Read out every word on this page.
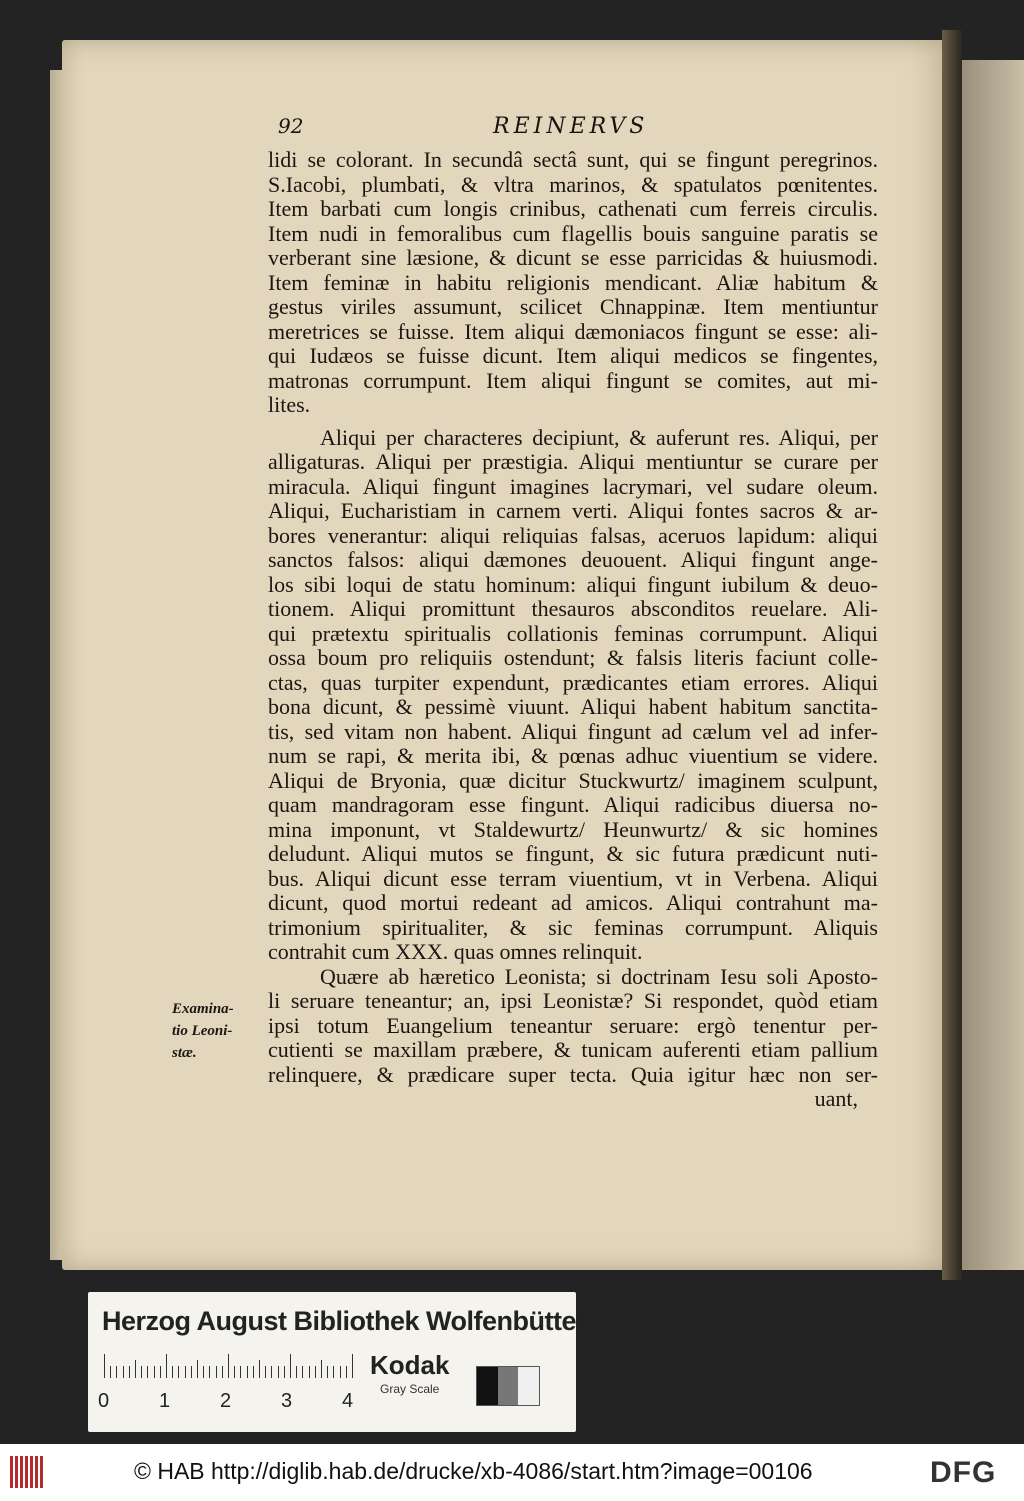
92	REINERVS
lidi se colorant. In secundâ sectâ sunt, qui se fingunt peregrinos.
S.Iacobi, plumbati, & vltra marinos, & spatulatos pœnitentes.
Item barbati cum longis crinibus, cathenati cum ferreis circulis.
Item nudi in femoralibus cum flagellis bouis sanguine paratis se
verberant sine læsione, & dicunt se esse parricidas & huiusmodi.
Item feminæ in habitu religionis mendicant. Aliæ habitum &
gestus viriles assumunt, scilicet Chnappinæ. Item mentiuntur
meretrices se fuisse. Item aliqui dæmoniacos fingunt se esse: ali-
qui Iudæos se fuisse dicunt. Item aliqui medicos se fingentes,
matronas corrumpunt. Item aliqui fingunt se comites, aut mi-
lites.
Aliqui per characteres decipiunt, & auferunt res. Aliqui, per
alligaturas. Aliqui per præstigia. Aliqui mentiuntur se curare per
miracula. Aliqui fingunt imagines lacrymari, vel sudare oleum.
Aliqui, Eucharistiam in carnem verti. Aliqui fontes sacros & ar-
bores venerantur: aliqui reliquias falsas, aceruos lapidum: aliqui
sanctos falsos: aliqui dæmones deuouent. Aliqui fingunt ange-
los sibi loqui de statu hominum: aliqui fingunt iubilum & deuo-
tionem. Aliqui promittunt thesauros absconditos reuelare. Ali-
qui prætextu spiritualis collationis feminas corrumpunt. Aliqui
ossa boum pro reliquiis ostendunt; & falsis literis faciunt colle-
ctas, quas turpiter expendunt, prædicantes etiam errores. Aliqui
bona dicunt, & pessimè viuunt. Aliqui habent habitum sanctita-
tis, sed vitam non habent. Aliqui fingunt ad cælum vel ad infer-
num se rapi, & merita ibi, & pœnas adhuc viuentium se videre.
Aliqui de Bryonia, quæ dicitur Stuckwurtz/ imaginem sculpunt,
quam mandragoram esse fingunt. Aliqui radicibus diuersa no-
mina imponunt, vt Staldewurtz/ Heunwurtz/ & sic homines
deludunt. Aliqui mutos se fingunt, & sic futura prædicunt nuti-
bus. Aliqui dicunt esse terram viuentium, vt in Verbena. Aliqui
dicunt, quod mortui redeant ad amicos. Aliqui contrahunt ma-
trimonium spiritualiter, & sic feminas corrumpunt. Aliquis
contrahit cum XXX. quas omnes relinquit.
Quære ab hæretico Leonista; si doctrinam Iesu soli Aposto-
li seruare teneantur; an, ipsi Leonistæ? Si respondet, quòd etiam
ipsi totum Euangelium teneantur seruare: ergò tenentur per-
cutienti se maxillam præbere, & tunicam auferenti etiam pallium
relinquere, & prædicare super tecta. Quia igitur hæc non ser-
uant,
Examina-
tio Leoni-
stæ.
Herzog August Bibliothek Wolfenbüttel
0 1 2 3 4
Kodak
Gray Scale
© HAB http://diglib.hab.de/drucke/xb-4086/start.htm?image=00106	DFG
